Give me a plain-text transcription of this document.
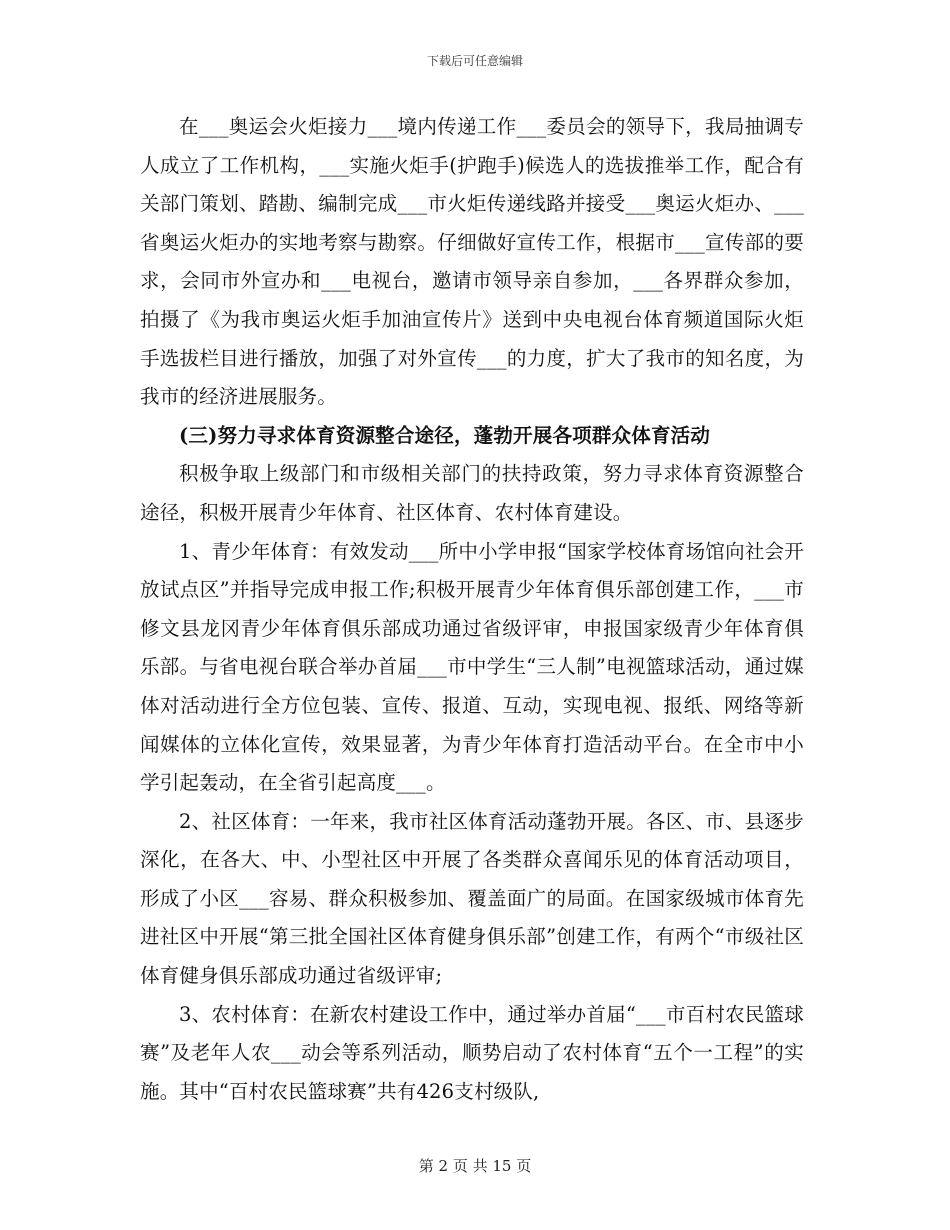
下载后可任意编辑

在___奥运会火炬接力___境内传递工作___委员会的领导下，我局抽调专人成立了工作机构，___实施火炬手(护跑手)候选人的选拔推举工作，配合有关部门策划、踏勘、编制完成___市火炬传递线路并接受___奥运火炬办、___省奥运火炬办的实地考察与勘察。仔细做好宣传工作，根据市___宣传部的要求，会同市外宣办和___电视台，邀请市领导亲自参加，___各界群众参加，拍摄了《为我市奥运火炬手加油宣传片》送到中央电视台体育频道国际火炬手选拔栏目进行播放，加强了对外宣传___的力度，扩大了我市的知名度，为我市的经济进展服务。

(三)努力寻求体育资源整合途径，蓬勃开展各项群众体育活动

积极争取上级部门和市级相关部门的扶持政策，努力寻求体育资源整合途径，积极开展青少年体育、社区体育、农村体育建设。

1、青少年体育：有效发动___所中小学申报“国家学校体育场馆向社会开放试点区”并指导完成申报工作;积极开展青少年体育俱乐部创建工作，___市修文县龙冈青少年体育俱乐部成功通过省级评审，申报国家级青少年体育俱乐部。与省电视台联合举办首届___市中学生“三人制”电视篮球活动，通过媒体对活动进行全方位包装、宣传、报道、互动，实现电视、报纸、网络等新闻媒体的立体化宣传，效果显著，为青少年体育打造活动平台。在全市中小学引起轰动，在全省引起高度___。

2、社区体育：一年来，我市社区体育活动蓬勃开展。各区、市、县逐步深化，在各大、中、小型社区中开展了各类群众喜闻乐见的体育活动项目，形成了小区___容易、群众积极参加、覆盖面广的局面。在国家级城市体育先进社区中开展“第三批全国社区体育健身俱乐部”创建工作，有两个“市级社区体育健身俱乐部成功通过省级评审;

3、农村体育：在新农村建设工作中，通过举办首届“___市百村农民篮球赛”及老年人农___动会等系列活动，顺势启动了农村体育“五个一工程”的实施。其中“百村农民篮球赛”共有426支村级队,

第 2 页 共 15 页
